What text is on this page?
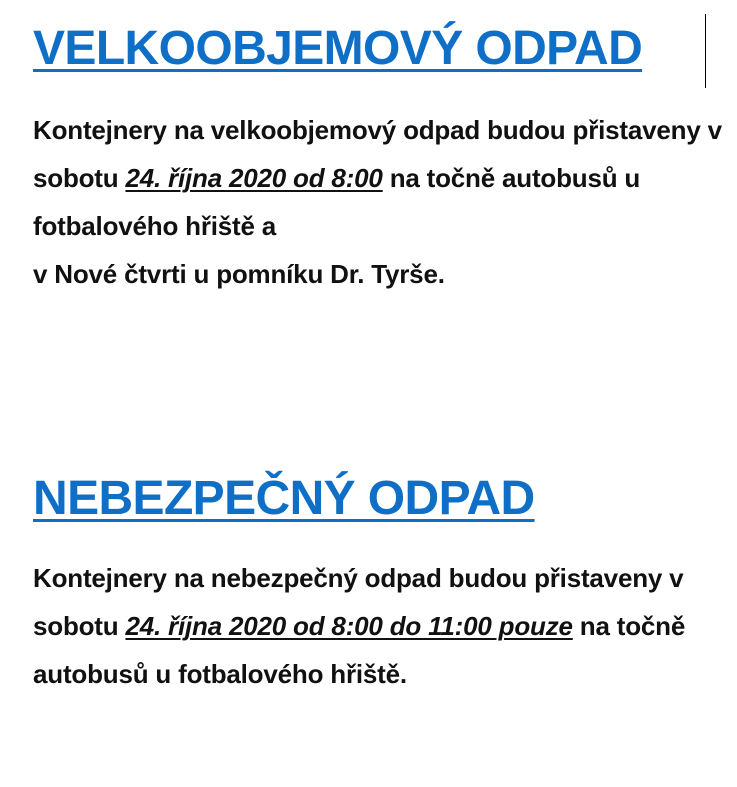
VELKOOBJEMOVÝ ODPAD

Kontejnery na velkoobjemový odpad budou přistaveny v sobotu 24. října 2020 od 8:00 na točně autobusů u fotbalového hřiště a
v Nové čtvrti u pomníku Dr. Tyrše.

NEBEZPEČNÝ ODPAD

Kontejnery na nebezpečný odpad budou přistaveny v sobotu 24. října 2020 od 8:00 do 11:00 pouze na točně autobusů u fotbalového hřiště.
